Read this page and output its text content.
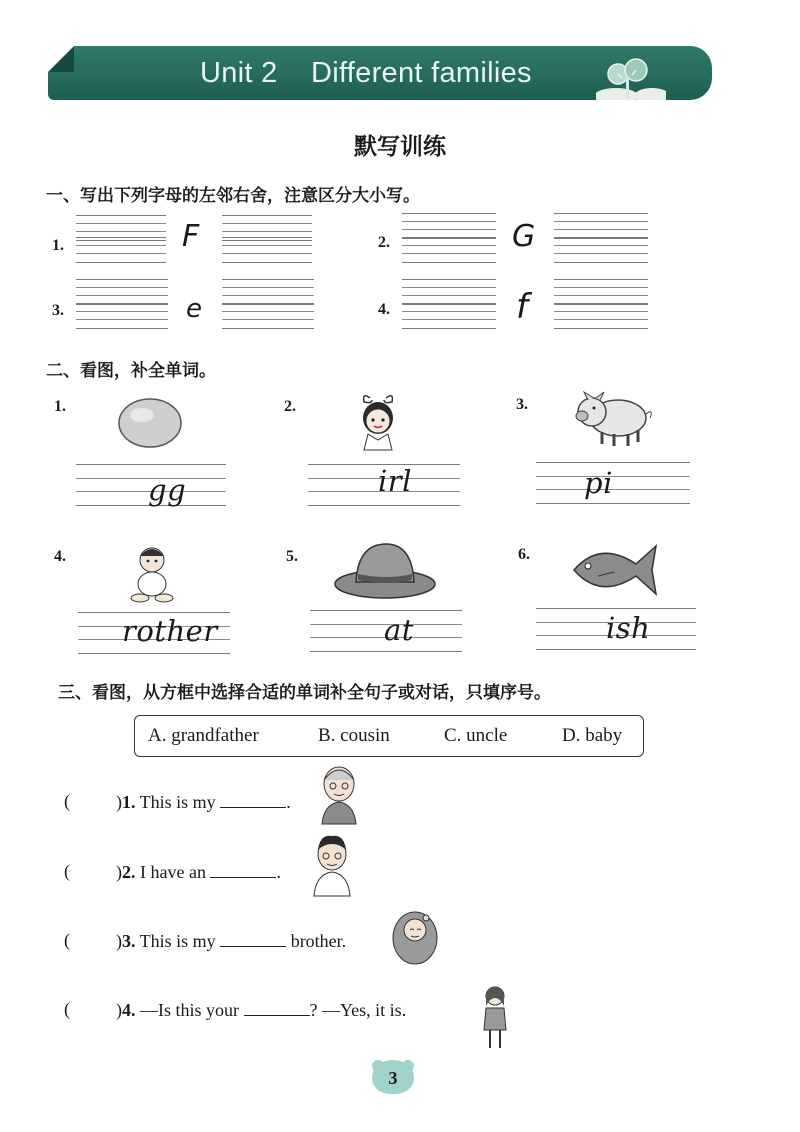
Unit 2    Different families
默写训练
一、写出下列字母的左邻右舍，注意区分大小写。
1.	F	2.	G
3.	e	4.	f
二、看图，补全单词。
1.
gg
2.
irl
3.
pi
4.
rother
5.
at
6.
ish
三、看图，从方框中选择合适的单词补全句子或对话，只填序号。
A. grandfather	B. cousin	C. uncle	D. baby
(	)1. This is my	.
(	)2. I have an	.
(	)3. This is my	brother.
(	)4. —Is this your	? —Yes, it is.
3
